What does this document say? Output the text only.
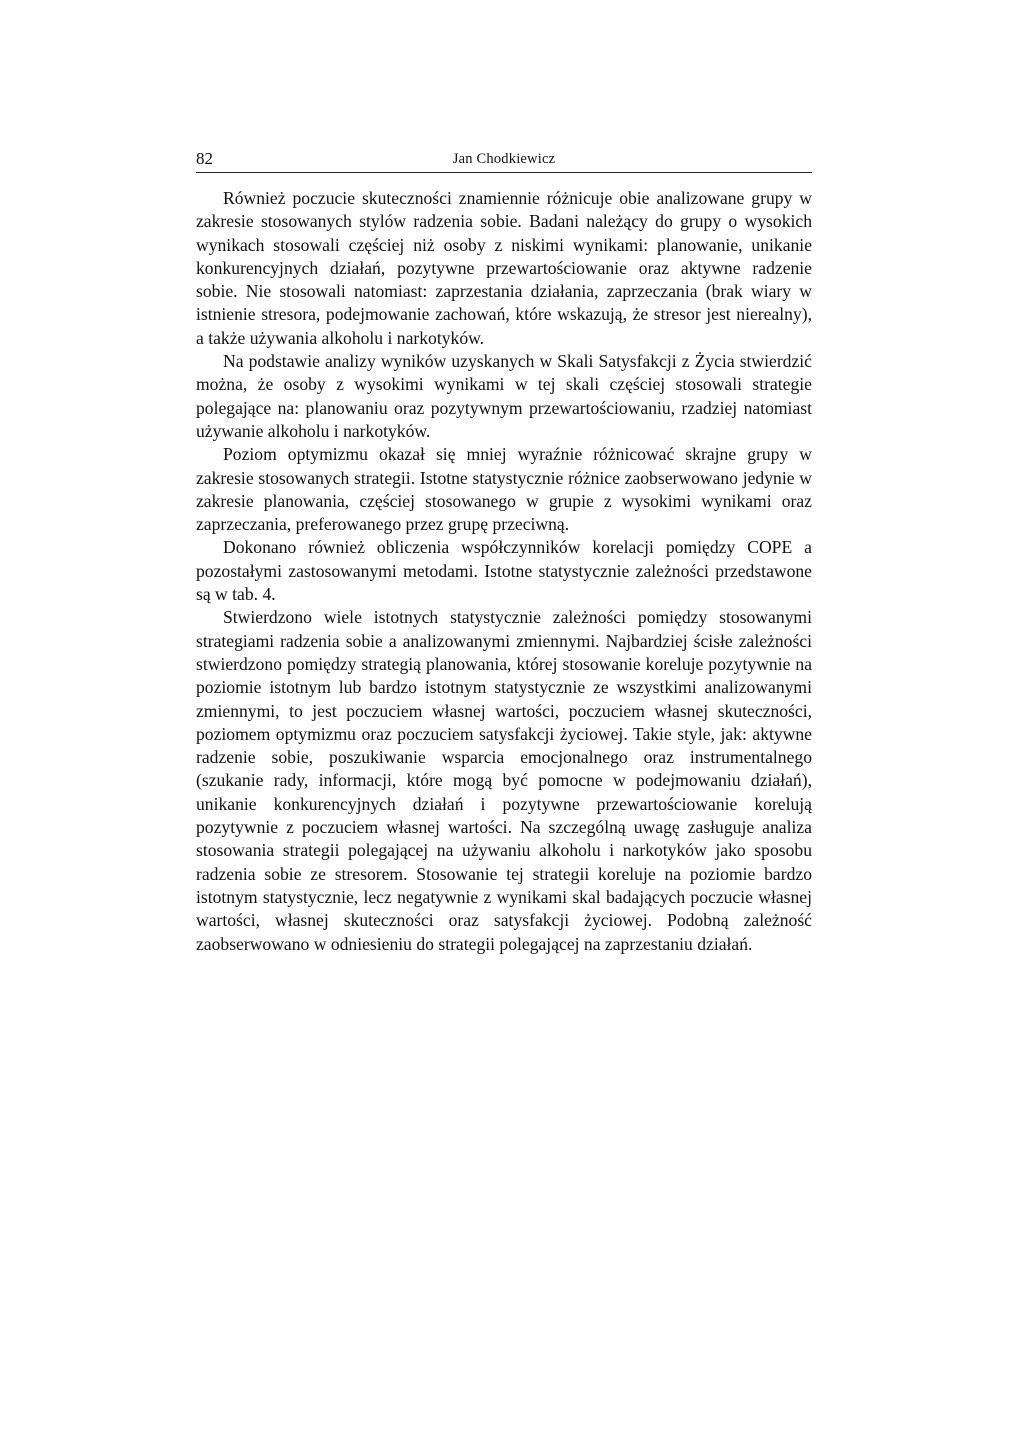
82	Jan Chodkiewicz

Również poczucie skuteczności znamiennie różnicuje obie analizowane grupy w zakresie stosowanych stylów radzenia sobie. Badani należący do grupy o wysokich wynikach stosowali częściej niż osoby z niskimi wynikami: planowanie, unikanie konkurencyjnych działań, pozytywne przewartościowanie oraz aktywne radzenie sobie. Nie stosowali natomiast: zaprzestania działania, zaprzeczania (brak wiary w istnienie stresora, podejmowanie zachowań, które wskazują, że stresor jest nierealny), a także używania alkoholu i narkotyków.

Na podstawie analizy wyników uzyskanych w Skali Satysfakcji z Życia stwierdzić można, że osoby z wysokimi wynikami w tej skali częściej stosowali strategie polegające na: planowaniu oraz pozytywnym przewartościowaniu, rzadziej natomiast używanie alkoholu i narkotyków.

Poziom optymizmu okazał się mniej wyraźnie różnicować skrajne grupy w zakresie stosowanych strategii. Istotne statystycznie różnice zaobserwowano jedynie w zakresie planowania, częściej stosowanego w grupie z wysokimi wynikami oraz zaprzeczania, preferowanego przez grupę przeciwną.

Dokonano również obliczenia współczynników korelacji pomiędzy COPE a pozostałymi zastosowanymi metodami. Istotne statystycznie zależności przedstawone są w tab. 4.

Stwierdzono wiele istotnych statystycznie zależności pomiędzy stosowanymi strategiami radzenia sobie a analizowanymi zmiennymi. Najbardziej ścisłe zależności stwierdzono pomiędzy strategią planowania, której stosowanie koreluje pozytywnie na poziomie istotnym lub bardzo istotnym statystycznie ze wszystkimi analizowanymi zmiennymi, to jest poczuciem własnej wartości, poczuciem własnej skuteczności, poziomem optymizmu oraz poczuciem satysfakcji życiowej. Takie style, jak: aktywne radzenie sobie, poszukiwanie wsparcia emocjonalnego oraz instrumentalnego (szukanie rady, informacji, które mogą być pomocne w podejmowaniu działań), unikanie konkurencyjnych działań i pozytywne przewartościowanie korelują pozytywnie z poczuciem własnej wartości. Na szczególną uwagę zasługuje analiza stosowania strategii polegającej na używaniu alkoholu i narkotyków jako sposobu radzenia sobie ze stresorem. Stosowanie tej strategii koreluje na poziomie bardzo istotnym statystycznie, lecz negatywnie z wynikami skal badających poczucie własnej wartości, własnej skuteczności oraz satysfakcji życiowej. Podobną zależność zaobserwowano w odniesieniu do strategii polegającej na zaprzestaniu działań.
